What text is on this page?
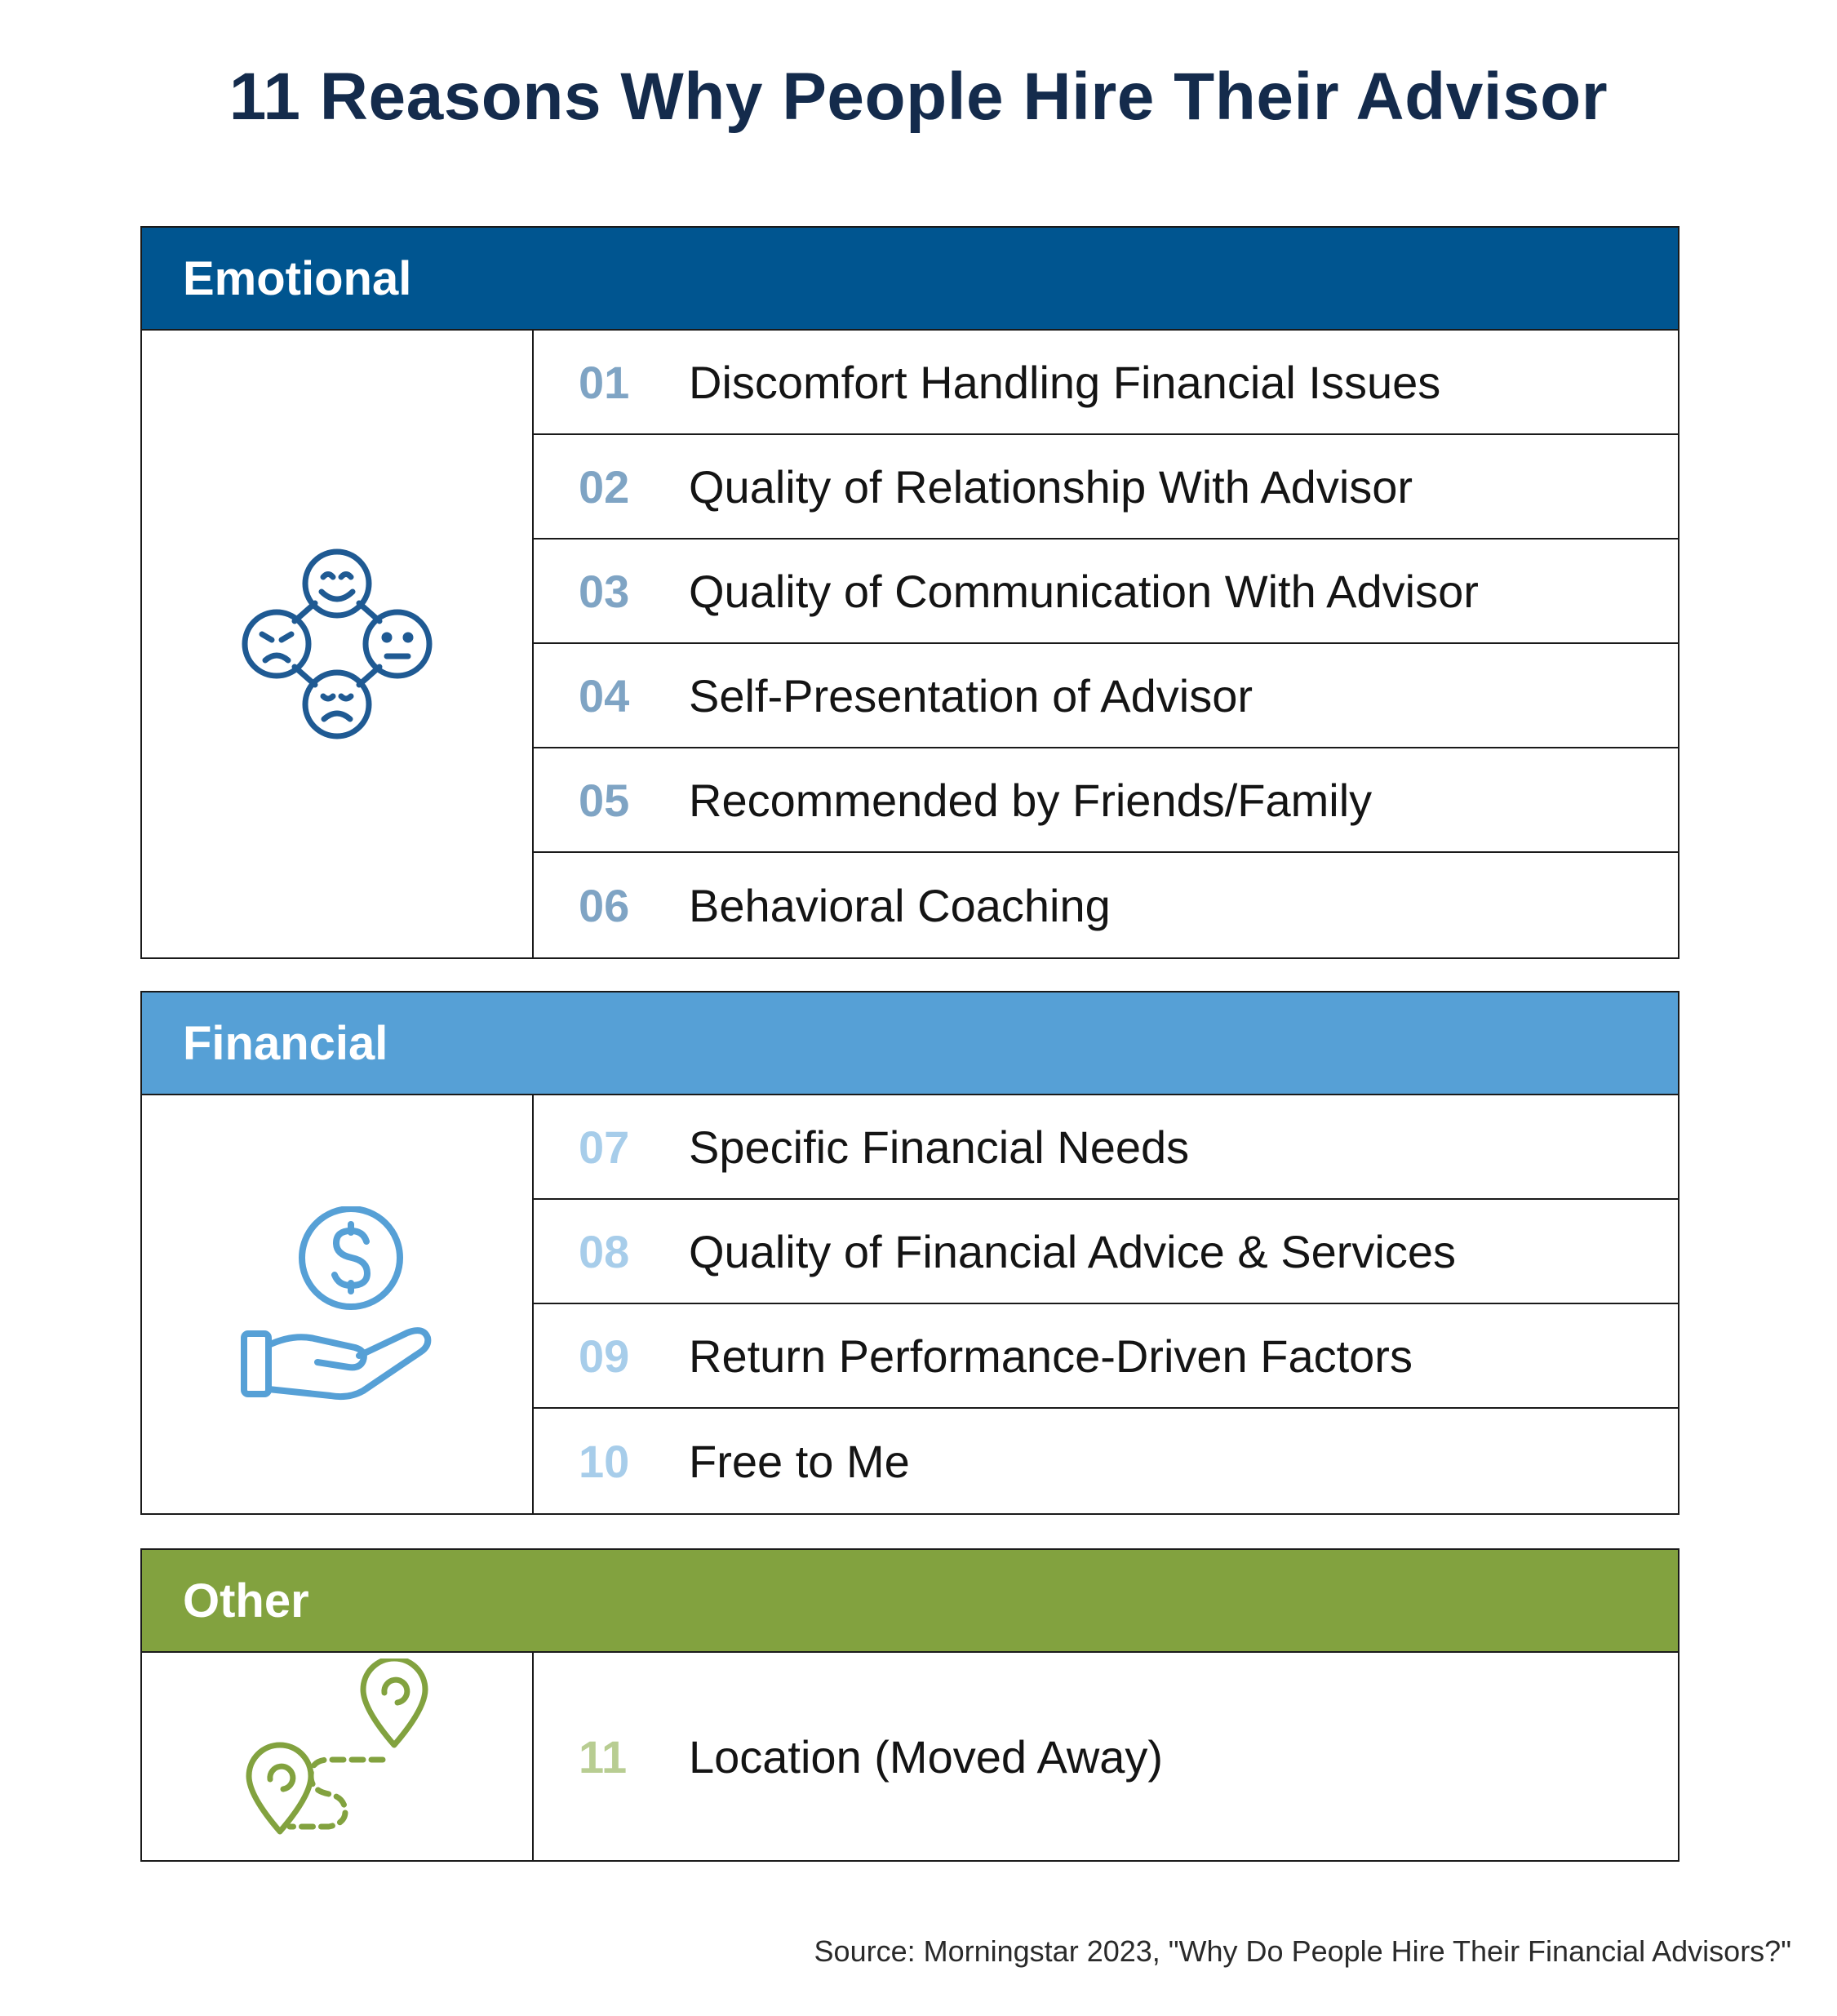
11 Reasons Why People Hire Their Advisor
Emotional
01	Discomfort Handling Financial Issues
02	Quality of Relationship With Advisor
03	Quality of Communication With Advisor
04	Self-Presentation of Advisor
05	Recommended by Friends/Family
06	Behavioral Coaching
Financial
07	Specific Financial Needs
08	Quality of Financial Advice & Services
09	Return Performance-Driven Factors
10	Free to Me
Other
11	Location (Moved Away)
Source: Morningstar 2023, "Why Do People Hire Their Financial Advisors?"
